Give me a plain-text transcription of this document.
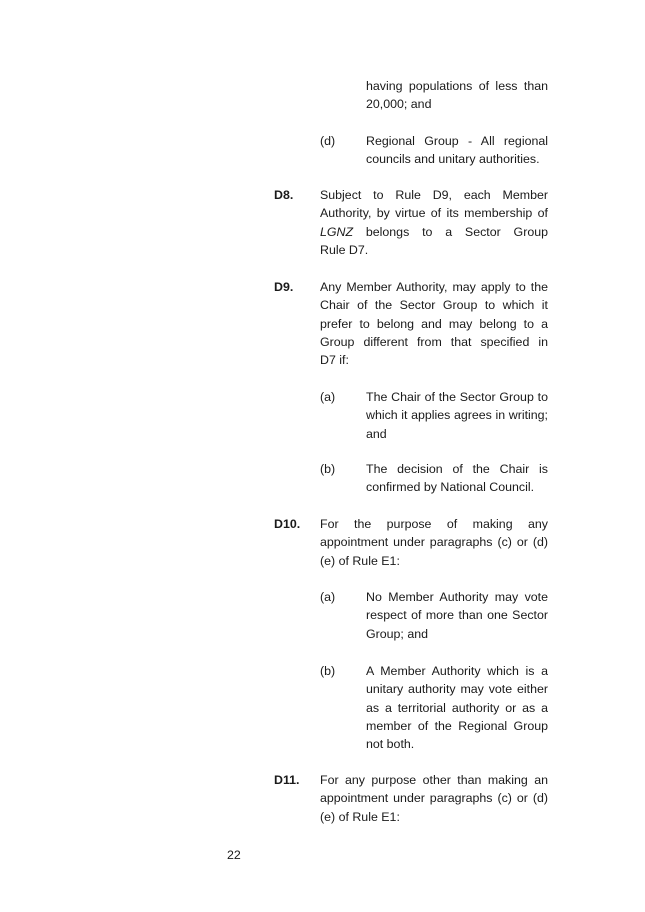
having populations of less than
20,000; and
(d) Regional Group - All regional
councils and unitary authorities.
D8. Subject to Rule D9, each Member
Authority, by virtue of its membership of
LGNZ belongs to a Sector Group
Rule D7.
D9. Any Member Authority, may apply to the
Chair of the Sector Group to which it
prefer to belong and may belong to a
Group different from that specified in
D7 if:
(a) The Chair of the Sector Group to
which it applies agrees in writing;
and
(b) The decision of the Chair is
confirmed by National Council.
D10. For the purpose of making any
appointment under paragraphs (c) or (d)
(e) of Rule E1:
(a) No Member Authority may vote
respect of more than one Sector
Group; and
(b) A Member Authority which is a
unitary authority may vote either
as a territorial authority or as a
member of the Regional Group
not both.
D11. For any purpose other than making an
appointment under paragraphs (c) or (d)
(e) of Rule E1:
22
